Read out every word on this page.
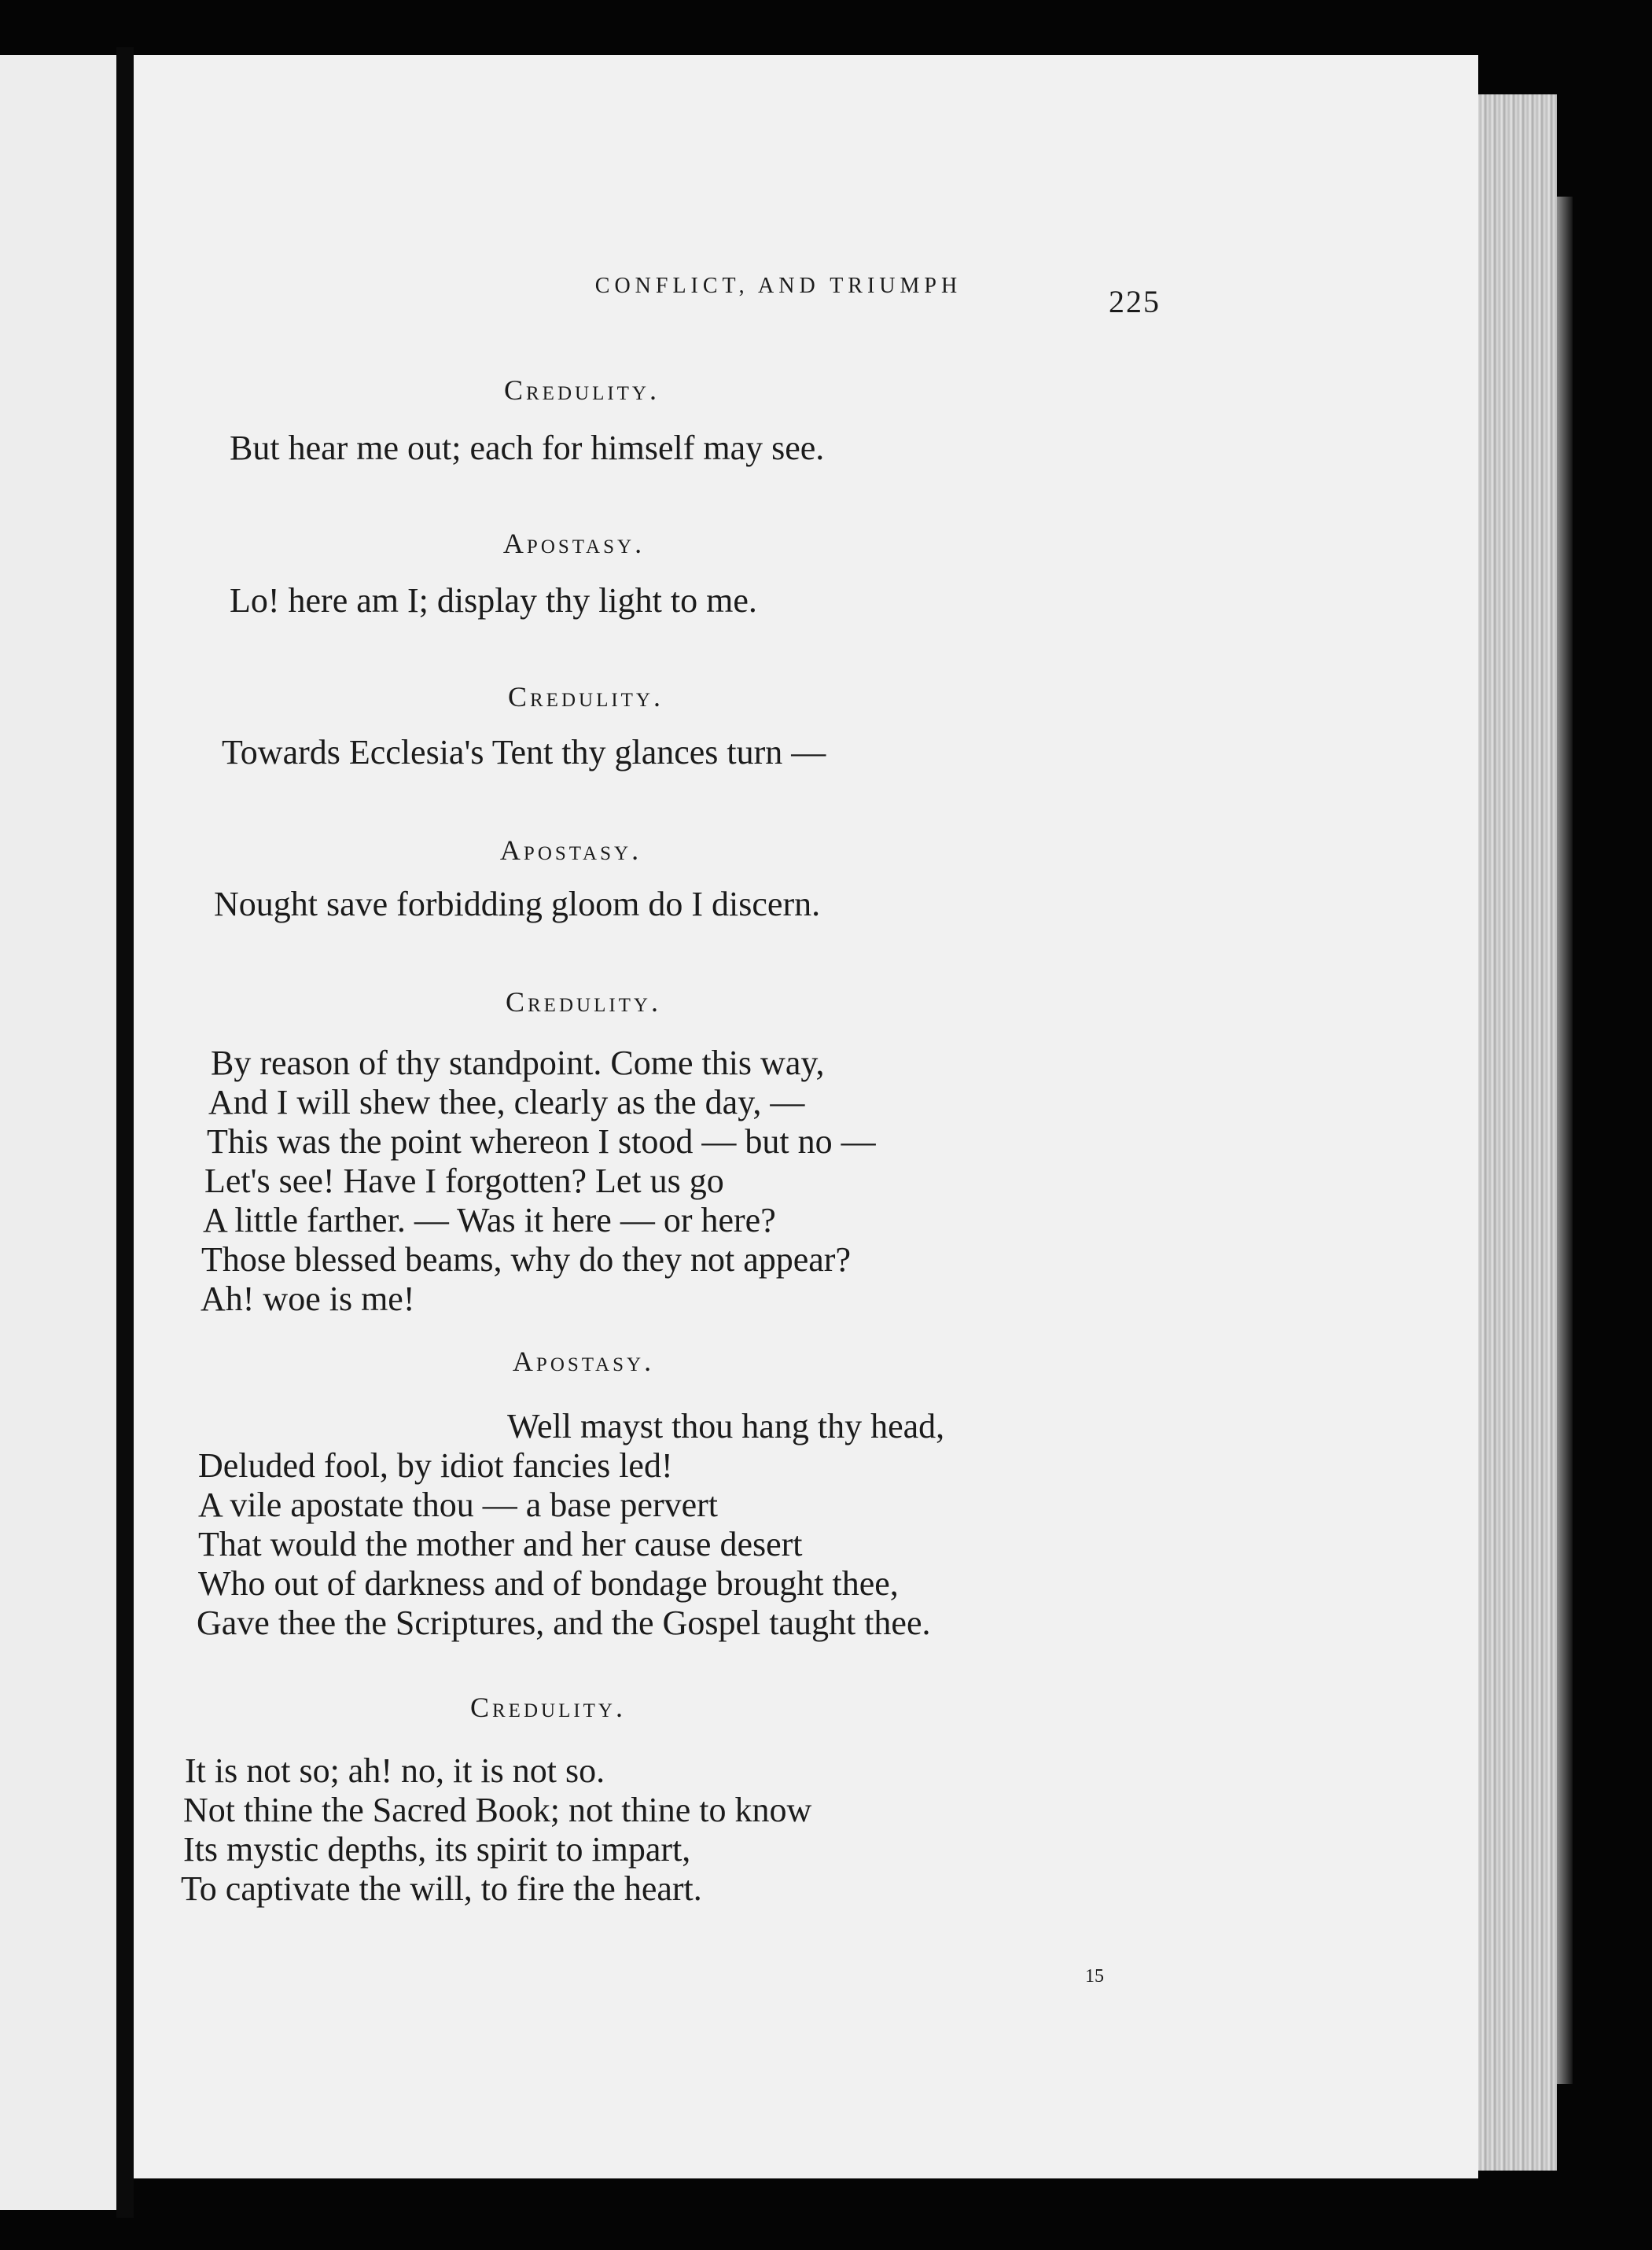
CONFLICT, AND TRIUMPH	225
Credulity.
But hear me out; each for himself may see.
Apostasy.
Lo! here am I; display thy light to me.
Credulity.
Towards Ecclesia's Tent thy glances turn —
Apostasy.
Nought save forbidding gloom do I discern.
Credulity.
By reason of thy standpoint. Come this way,
And I will shew thee, clearly as the day, —
This was the point whereon I stood — but no —
Let's see! Have I forgotten? Let us go
A little farther. — Was it here — or here?
Those blessed beams, why do they not appear?
Ah! woe is me!
Apostasy.
Well mayst thou hang thy head,
Deluded fool, by idiot fancies led!
A vile apostate thou — a base pervert
That would the mother and her cause desert
Who out of darkness and of bondage brought thee,
Gave thee the Scriptures, and the Gospel taught thee.
Credulity.
It is not so; ah! no, it is not so.
Not thine the Sacred Book; not thine to know
Its mystic depths, its spirit to impart,
To captivate the will, to fire the heart.
15
